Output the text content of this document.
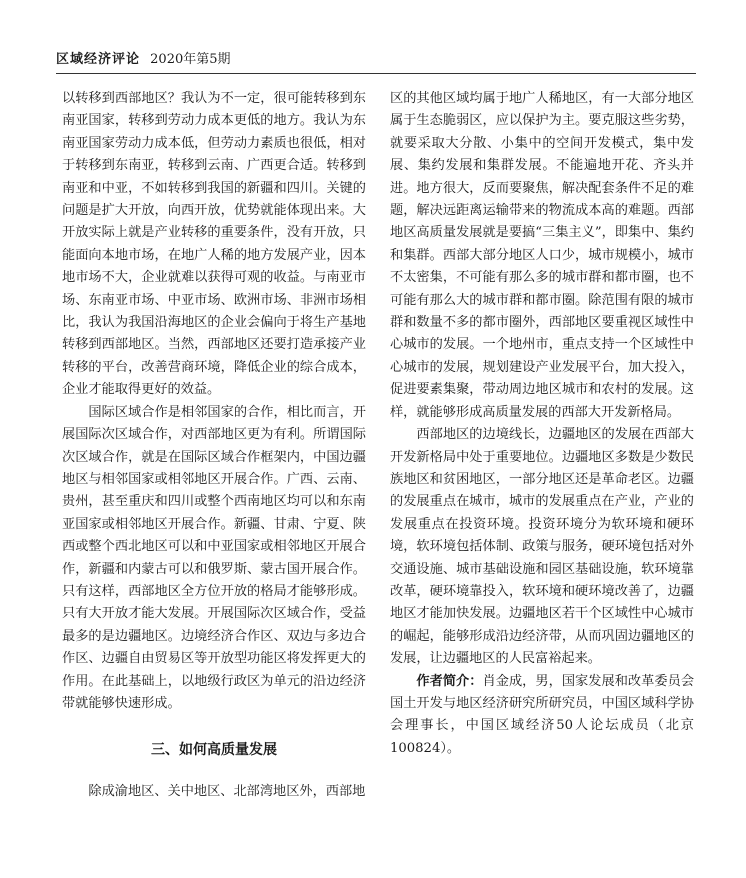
区域经济评论 2020年第5期

以转移到西部地区？我认为不一定，很可能转移到东南亚国家，转移到劳动力成本更低的地方。我认为东南亚国家劳动力成本低，但劳动力素质也很低，相对于转移到东南亚，转移到云南、广西更合适。转移到南亚和中亚，不如转移到我国的新疆和四川。关键的问题是扩大开放，向西开放，优势就能体现出来。大开放实际上就是产业转移的重要条件，没有开放，只能面向本地市场，在地广人稀的地方发展产业，因本地市场不大，企业就难以获得可观的收益。与南亚市场、东南亚市场、中亚市场、欧洲市场、非洲市场相比，我认为我国沿海地区的企业会偏向于将生产基地转移到西部地区。当然，西部地区还要打造承接产业转移的平台，改善营商环境，降低企业的综合成本，企业才能取得更好的效益。

国际区域合作是相邻国家的合作，相比而言，开展国际次区域合作，对西部地区更为有利。所谓国际次区域合作，就是在国际区域合作框架内，中国边疆地区与相邻国家或相邻地区开展合作。广西、云南、贵州，甚至重庆和四川或整个西南地区均可以和东南亚国家或相邻地区开展合作。新疆、甘肃、宁夏、陕西或整个西北地区可以和中亚国家或相邻地区开展合作，新疆和内蒙古可以和俄罗斯、蒙古国开展合作。只有这样，西部地区全方位开放的格局才能够形成。只有大开放才能大发展。开展国际次区域合作，受益最多的是边疆地区。边境经济合作区、双边与多边合作区、边疆自由贸易区等开放型功能区将发挥更大的作用。在此基础上，以地级行政区为单元的沿边经济带就能够快速形成。

三、如何高质量发展

除成渝地区、关中地区、北部湾地区外，西部地

区的其他区域均属于地广人稀地区，有一大部分地区属于生态脆弱区，应以保护为主。要克服这些劣势，就要采取大分散、小集中的空间开发模式，集中发展、集约发展和集群发展。不能遍地开花、齐头并进。地方很大，反而要聚焦，解决配套条件不足的难题，解决远距离运输带来的物流成本高的难题。西部地区高质量发展就是要搞“三集主义”，即集中、集约和集群。西部大部分地区人口少，城市规模小，城市不太密集，不可能有那么多的城市群和都市圈，也不可能有那么大的城市群和都市圈。除范围有限的城市群和数量不多的都市圈外，西部地区要重视区域性中心城市的发展。一个地州市，重点支持一个区域性中心城市的发展，规划建设产业发展平台，加大投入，促进要素集聚，带动周边地区城市和农村的发展。这样，就能够形成高质量发展的西部大开发新格局。

西部地区的边境线长，边疆地区的发展在西部大开发新格局中处于重要地位。边疆地区多数是少数民族地区和贫困地区，一部分地区还是革命老区。边疆的发展重点在城市，城市的发展重点在产业，产业的发展重点在投资环境。投资环境分为软环境和硬环境，软环境包括体制、政策与服务，硬环境包括对外交通设施、城市基础设施和园区基础设施，软环境靠改革，硬环境靠投入，软环境和硬环境改善了，边疆地区才能加快发展。边疆地区若干个区域性中心城市的崛起，能够形成沿边经济带，从而巩固边疆地区的发展，让边疆地区的人民富裕起来。

作者简介：肖金成，男，国家发展和改革委员会国土开发与地区经济研究所研究员，中国区域科学协会理事长，中国区域经济50人论坛成员（北京　100824）。
